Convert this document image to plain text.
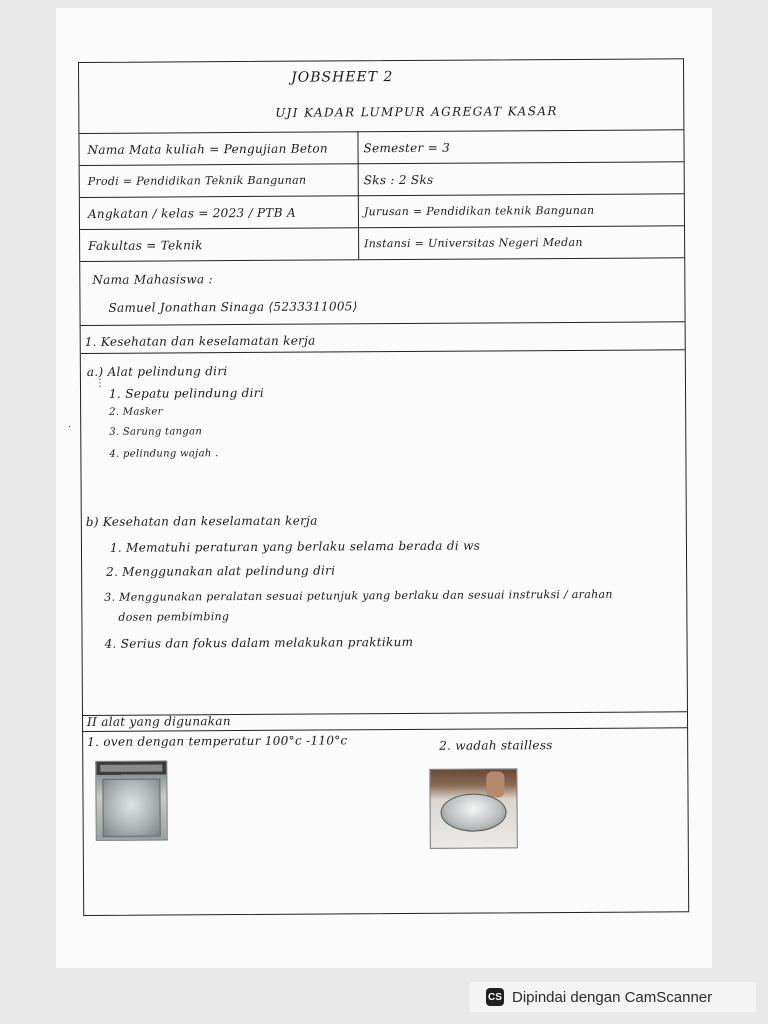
JOBSHEET 2
UJI KADAR LUMPUR AGREGAT KASAR
Nama Mata kuliah = Pengujian Beton
Prodi = Pendidikan Teknik Bangunan
Angkatan / kelas = 2023 / PTB A
Fakultas = Teknik
Semester = 3
Sks : 2 Sks
Jurusan = Pendidikan teknik Bangunan
Instansi = Universitas Negeri Medan
Nama Mahasiswa :
Samuel Jonathan Sinaga ⟨5233311005⟩
1. Kesehatan dan keselamatan kerja
a.) Alat pelindung diri
1. Sepatu pelindung diri
2. Masker
3. Sarung tangan
4. pelindung wajah .
b) Kesehatan dan keselamatan kerja
1. Mematuhi peraturan yang berlaku selama berada di ws
2. Menggunakan alat pelindung diri
3. Menggunakan peralatan sesuai petunjuk yang berlaku dan sesuai instruksi / arahan
dosen pembimbing
4. Serius dan fokus dalam melakukan praktikum
II alat yang digunakan
1. oven dengan temperatur 100°c -110°c	2. wadah stailless
⋮
·
CS Dipindai dengan CamScanner
